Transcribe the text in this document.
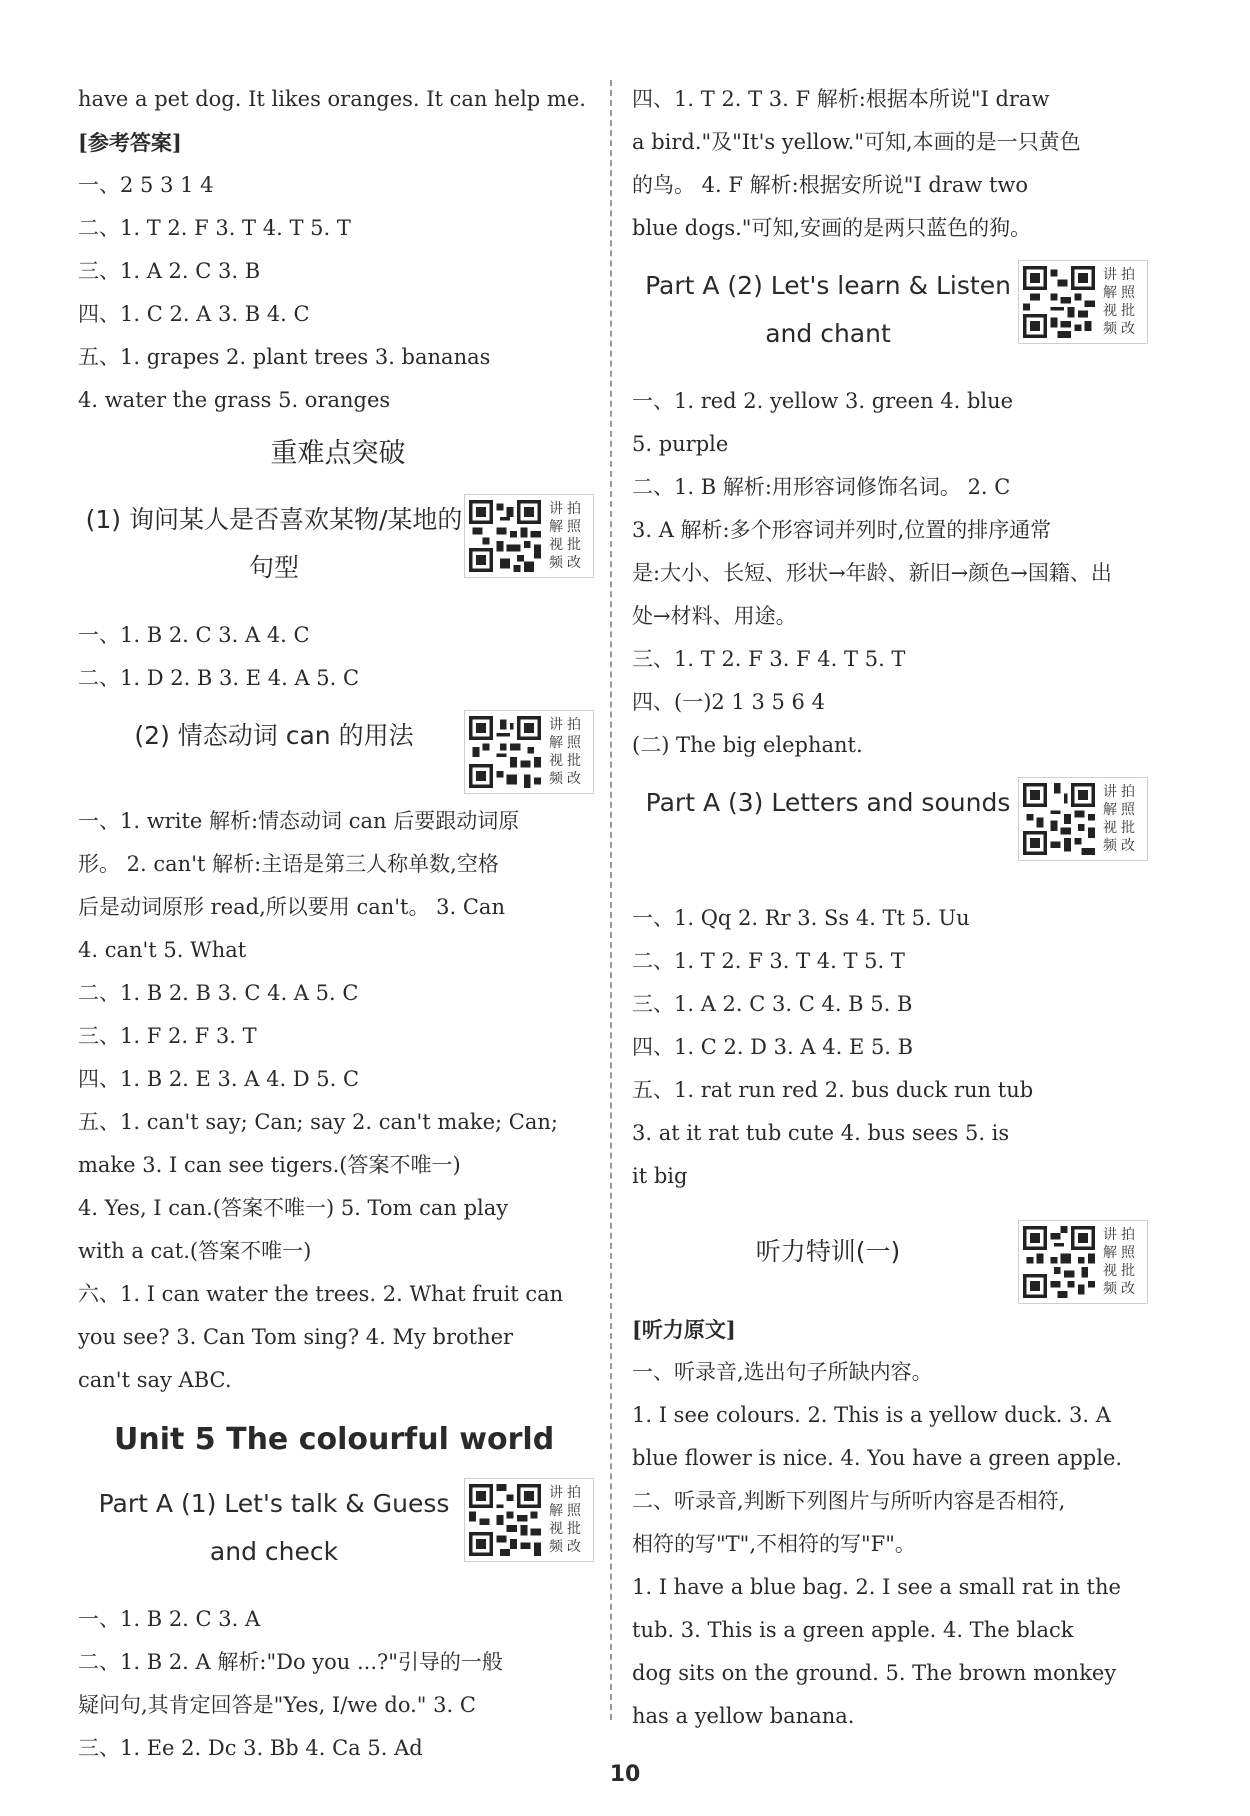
have a pet dog. It likes oranges. It can help me.
[参考答案]
一、2 5 3 1 4
二、1. T 2. F 3. T 4. T 5. T
三、1. A 2. C 3. B
四、1. C 2. A 3. B 4. C
五、1. grapes 2. plant trees 3. bananas
4. water the grass 5. oranges
重难点突破
(1) 询问某人是否喜欢某物/某地的句型
讲 拍
解 照
视 批
频 改
一、1. B 2. C 3. A 4. C
二、1. D 2. B 3. E 4. A 5. C
(2) 情态动词 can 的用法	讲 拍
解 照
视 批
频 改
一、1. write 解析:情态动词 can 后要跟动词原
形。 2. can't 解析:主语是第三人称单数,空格
后是动词原形 read,所以要用 can't。 3. Can
4. can't 5. What
二、1. B 2. B 3. C 4. A 5. C
三、1. F 2. F 3. T
四、1. B 2. E 3. A 4. D 5. C
五、1. can't say; Can; say 2. can't make; Can;
make 3. I can see tigers.(答案不唯一)
4. Yes, I can.(答案不唯一) 5. Tom can play
with a cat.(答案不唯一)
六、1. I can water the trees. 2. What fruit can
you see? 3. Can Tom sing? 4. My brother
can't say ABC.
Unit 5 The colourful world
Part A (1) Let's talk & Guess and check
讲 拍
解 照
视 批
频 改
一、1. B 2. C 3. A
二、1. B 2. A 解析:"Do you ...?"引导的一般
疑问句,其肯定回答是"Yes, I/we do." 3. C
三、1. Ee 2. Dc 3. Bb 4. Ca 5. Ad
四、1. T 2. T 3. F 解析:根据本所说"I draw
a bird."及"It's yellow."可知,本画的是一只黄色
的鸟。 4. F 解析:根据安所说"I draw two
blue dogs."可知,安画的是两只蓝色的狗。
Part A (2) Let's learn & Listen and chant
讲 拍
解 照
视 批
频 改
一、1. red 2. yellow 3. green 4. blue
5. purple
二、1. B 解析:用形容词修饰名词。 2. C
3. A 解析:多个形容词并列时,位置的排序通常
是:大小、长短、形状→年龄、新旧→颜色→国籍、出
处→材料、用途。
三、1. T 2. F 3. F 4. T 5. T
四、(一)2 1 3 5 6 4
(二) The big elephant.
Part A (3) Letters and sounds	讲 拍
解 照
视 批
频 改
一、1. Qq 2. Rr 3. Ss 4. Tt 5. Uu
二、1. T 2. F 3. T 4. T 5. T
三、1. A 2. C 3. C 4. B 5. B
四、1. C 2. D 3. A 4. E 5. B
五、1. rat run red 2. bus duck run tub
3. at it rat tub cute 4. bus sees 5. is
it big
听力特训(一)
讲 拍
解 照
视 批
频 改
[听力原文]
一、听录音,选出句子所缺内容。
1. I see colours. 2. This is a yellow duck. 3. A
blue flower is nice. 4. You have a green apple.
二、听录音,判断下列图片与所听内容是否相符,
相符的写"T",不相符的写"F"。
1. I have a blue bag. 2. I see a small rat in the
tub. 3. This is a green apple. 4. The black
dog sits on the ground. 5. The brown monkey
has a yellow banana.
10
